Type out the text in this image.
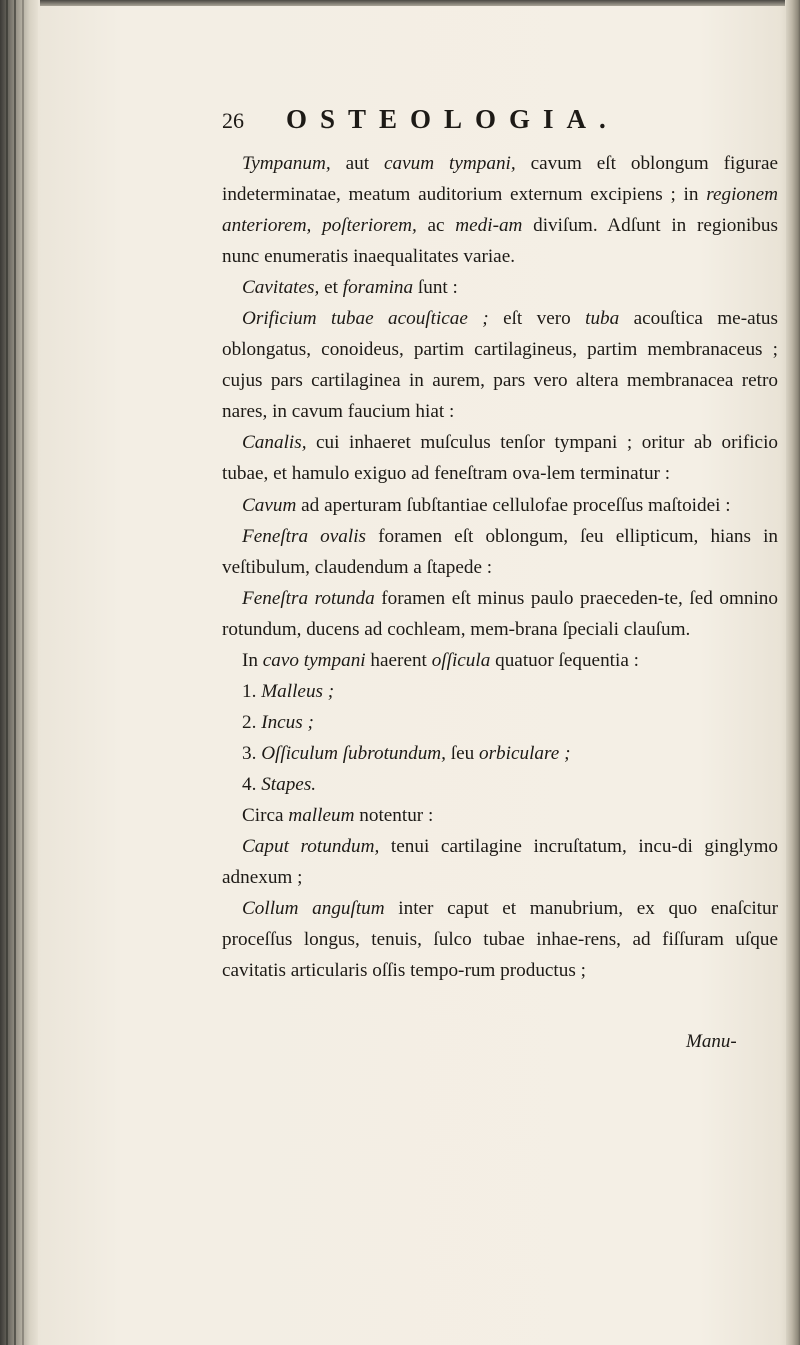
26 OSTEOLOGIA.

Tympanum, aut cavum tympani, cavum eſt oblongum figurae indeterminatae, meatum auditorium externum excipiens ; in regionem anteriorem, poſteriorem, ac medi-am diviſum. Adſunt in regionibus nunc enumeratis inaequalitates variae.

Cavitates, et foramina ſunt :

Orificium tubae acouſticae ; eſt vero tuba acouſtica me-atus oblongatus, conoideus, partim cartilagineus, partim membranaceus ; cujus pars cartilaginea in aurem, pars vero altera membranacea retro nares, in cavum faucium hiat :

Canalis, cui inhaeret muſculus tenſor tympani ; oritur ab orificio tubae, et hamulo exiguo ad feneſtram ova-lem terminatur :

Cavum ad aperturam ſubſtantiae cellulofae proceſſus maſtoidei :

Feneſtra ovalis foramen eſt oblongum, ſeu ellipticum, hians in veſtibulum, claudendum a ſtapede :

Feneſtra rotunda foramen eſt minus paulo praeceden-te, ſed omnino rotundum, ducens ad cochleam, mem-brana ſpeciali clauſum.

In cavo tympani haerent oſſicula quatuor ſequentia :

1. Malleus ;

2. Incus ;

3. Oſſiculum ſubrotundum, ſeu orbiculare ;

4. Stapes.

Circa malleum notentur :

Caput rotundum, tenui cartilagine incruſtatum, incu-di ginglymo adnexum ;

Collum anguſtum inter caput et manubrium, ex quo enaſcitur proceſſus longus, tenuis, ſulco tubae inhae-rens, ad fiſſuram uſque cavitatis articularis oſſis tempo-rum productus ;

Manu-
